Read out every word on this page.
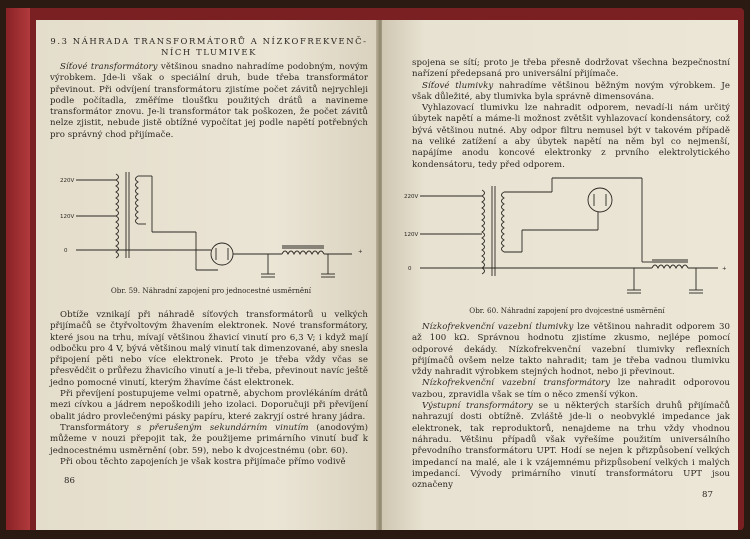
9.3 NÁHRADA TRANSFORMÁTORŮ A NÍZKOFREKVENČ-
NÍCH TLUMIVEK

Síťové transformátory většinou snadno nahradíme podobným, novým výrobkem. Jde-li však o speciální druh, bude třeba transformátor převinout. Při odvíjení transformátoru zjistíme počet závitů nejrychleji podle počítadla, změříme tloušťku použitých drátů a navineme transformátor znovu. Je-li transformátor tak poškozen, že počet závitů nelze zjistit, nebude jistě obtížné vypočítat jej podle napětí potřebných pro správný chod přijímače.

220V
120V
0	+
Obr. 59. Náhradní zapojení pro jednocestné usměrnění

Obtíže vznikají při náhradě síťových transformátorů u velkých přijímačů se čtyřvoltovým žhavením elektronek. Nové transformátory, které jsou na trhu, mívají většinou žhavicí vinutí pro 6,3 V; i když mají odbočku pro 4 V, bývá většinou malý vinutí tak dimenzované, aby snesla připojení pěti nebo více elektronek. Proto je třeba vždy včas se přesvědčit o průřezu žhavicího vinutí a je-li třeba, převinout navíc ještě jedno pomocné vinutí, kterým žhavíme část elektronek.

Při převíjení postupujeme velmi opatrně, abychom provlékáním drátů mezi cívkou a jádrem nepoškodili jeho izolaci. Doporučuji při převíjení obalit jádro provlečenými pásky papíru, které zakryjí ostré hrany jádra.

Transformátory s přerušeným sekundárním vinutím (anodovým) můžeme v nouzi přepojit tak, že použijeme primárního vinutí buď k jednocestnému usměrnění (obr. 59), nebo k dvojcestnému (obr. 60).

Při obou těchto zapojeních je však kostra přijímače přímo vodivě

86

spojena se sítí; proto je třeba přesně dodržovat všechna bezpečnostní nařízení předepsaná pro universální přijímače.

Síťové tlumivky nahradíme většinou běžným novým výrobkem. Je však důležité, aby tlumivka byla správně dimensována.

Vyhlazovací tlumivku lze nahradit odporem, nevadí-li nám určitý úbytek napětí a máme-li možnost zvětšit vyhlazovací kondensátory, což bývá většinou nutné. Aby odpor filtru nemusel být v takovém případě na veliké zatížení a aby úbytek napětí na něm byl co nejmenší, napájíme anodu koncové elektronky z prvního elektrolytického kondensátoru, tedy před odporem.

220V
120V
0	+
Obr. 60. Náhradní zapojení pro dvojcestné usměrnění

Nízkofrekvenční vazební tlumivky lze většinou nahradit odporem 30 až 100 kΩ. Správnou hodnotu zjistíme zkusmo, nejlépe pomocí odporové dekády. Nízkofrekvenční vazební tlumivky reflexních přijímačů ovšem nelze takto nahradit; tam je třeba vadnou tlumivku vždy nahradit výrobkem stejných hodnot, nebo ji převinout.

Nízkofrekvenční vazební transformátory lze nahradit odporovou vazbou, zpravidla však se tím o něco zmenší výkon.

Výstupní transformátory se u některých starších druhů přijímačů nahrazují dosti obtížně. Zvláště jde-li o neobvyklé impedance jak elektronek, tak reproduktorů, nenajdeme na trhu vždy vhodnou náhradu. Většinu případů však vyřešíme použitím universálního převodního transformátoru UPT. Hodí se nejen k přizpůsobení velkých impedancí na malé, ale i k vzájemnému přizpůsobení velkých i malých impedancí. Vývody primárního vinutí transformátoru UPT jsou označeny

87
